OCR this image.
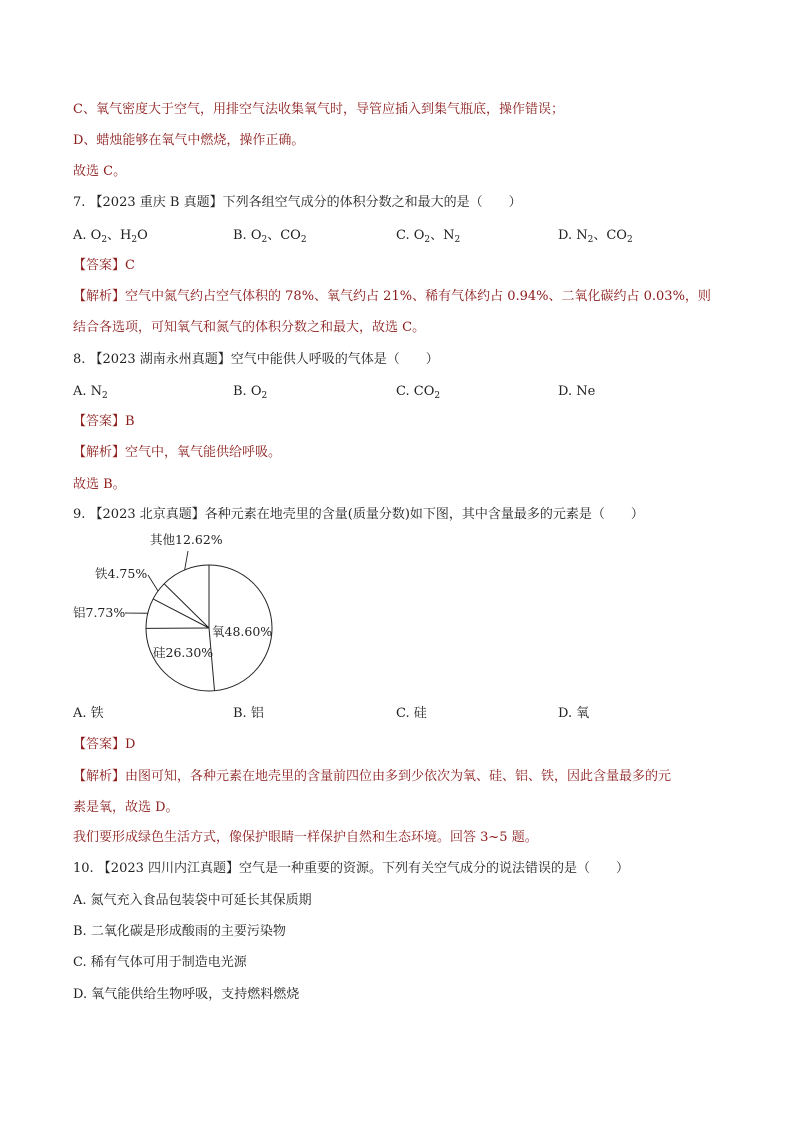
C、氧气密度大于空气，用排空气法收集氧气时，导管应插入到集气瓶底，操作错误；
D、蜡烛能够在氧气中燃烧，操作正确。
故选 C。
7. 【2023 重庆 B 真题】下列各组空气成分的体积分数之和最大的是（　　）
A. $O_2$、$H_2O$	B. $O_2$、$CO_2$	C. $O_2$、$N_2$	D. $N_2$、$CO_2$
【答案】C
【解析】空气中氮气约占空气体积的 78%、氧气约占 21%、稀有气体约占 0.94%、二氧化碳约占 0.03%，则
结合各选项，可知氧气和氮气的体积分数之和最大，故选 C。
8. 【2023 湖南永州真题】空气中能供人呼吸的气体是（　　）
A. $N_2$	B. $O_2$	C. $CO_2$	D. Ne
【答案】B
【解析】空气中，氧气能供给呼吸。
故选 B。
9. 【2023 北京真题】各种元素在地壳里的含量(质量分数)如下图，其中含量最多的元素是（　　）
氧48.60%
硅26.30%
铝7.73%
铁4.75%
其他12.62%
A. 铁	B. 铝	C. 硅	D. 氧
【答案】D
【解析】由图可知，各种元素在地壳里的含量前四位由多到少依次为氧、硅、铝、铁，因此含量最多的元
素是氧，故选 D。
我们要形成绿色生活方式，像保护眼睛一样保护自然和生态环境。回答 3~5 题。
10. 【2023 四川内江真题】空气是一种重要的资源。下列有关空气成分的说法错误的是（　　）
A. 氮气充入食品包装袋中可延长其保质期
B. 二氧化碳是形成酸雨的主要污染物
C. 稀有气体可用于制造电光源
D. 氧气能供给生物呼吸，支持燃料燃烧
